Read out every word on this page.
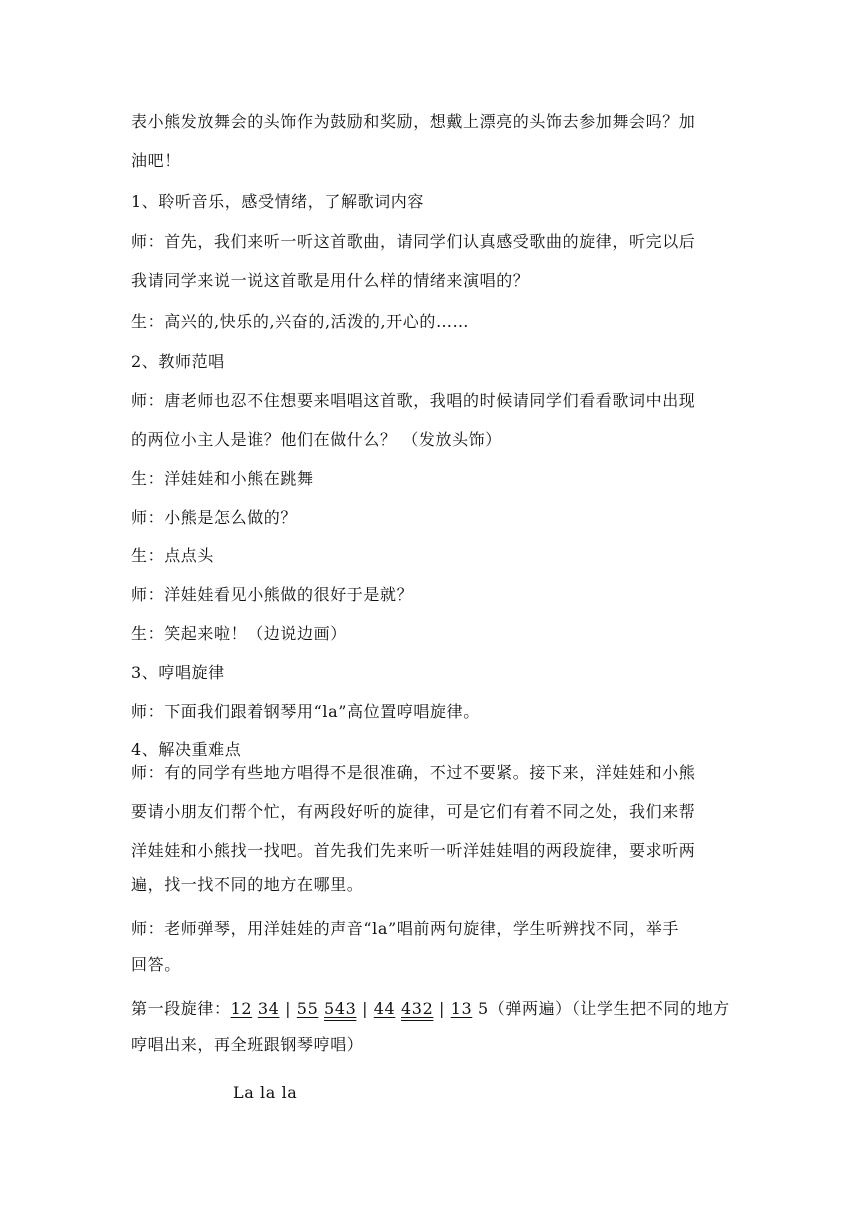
表小熊发放舞会的头饰作为鼓励和奖励，想戴上漂亮的头饰去参加舞会吗？加
油吧！
1、聆听音乐，感受情绪，了解歌词内容
师：首先，我们来听一听这首歌曲，请同学们认真感受歌曲的旋律，听完以后
我请同学来说一说这首歌是用什么样的情绪来演唱的？
生：高兴的,快乐的,兴奋的,活泼的,开心的……
2、教师范唱
师：唐老师也忍不住想要来唱唱这首歌，我唱的时候请同学们看看歌词中出现
的两位小主人是谁？他们在做什么？ （发放头饰）
生：洋娃娃和小熊在跳舞
师：小熊是怎么做的？
生：点点头
师：洋娃娃看见小熊做的很好于是就？
生：笑起来啦！（边说边画）
3、哼唱旋律
师：下面我们跟着钢琴用“la”高位置哼唱旋律。
4、解决重难点
师：有的同学有些地方唱得不是很准确，不过不要紧。接下来，洋娃娃和小熊
要请小朋友们帮个忙，有两段好听的旋律，可是它们有着不同之处，我们来帮
洋娃娃和小熊找一找吧。首先我们先来听一听洋娃娃唱的两段旋律，要求听两
遍，找一找不同的地方在哪里。
师：老师弹琴，用洋娃娃的声音“la”唱前两句旋律，学生听辨找不同，举手
回答。
第一段旋律：12 34 | 55 543 | 44 432 | 13 5（弹两遍）（让学生把不同的地方
哼唱出来，再全班跟钢琴哼唱）
La la la
